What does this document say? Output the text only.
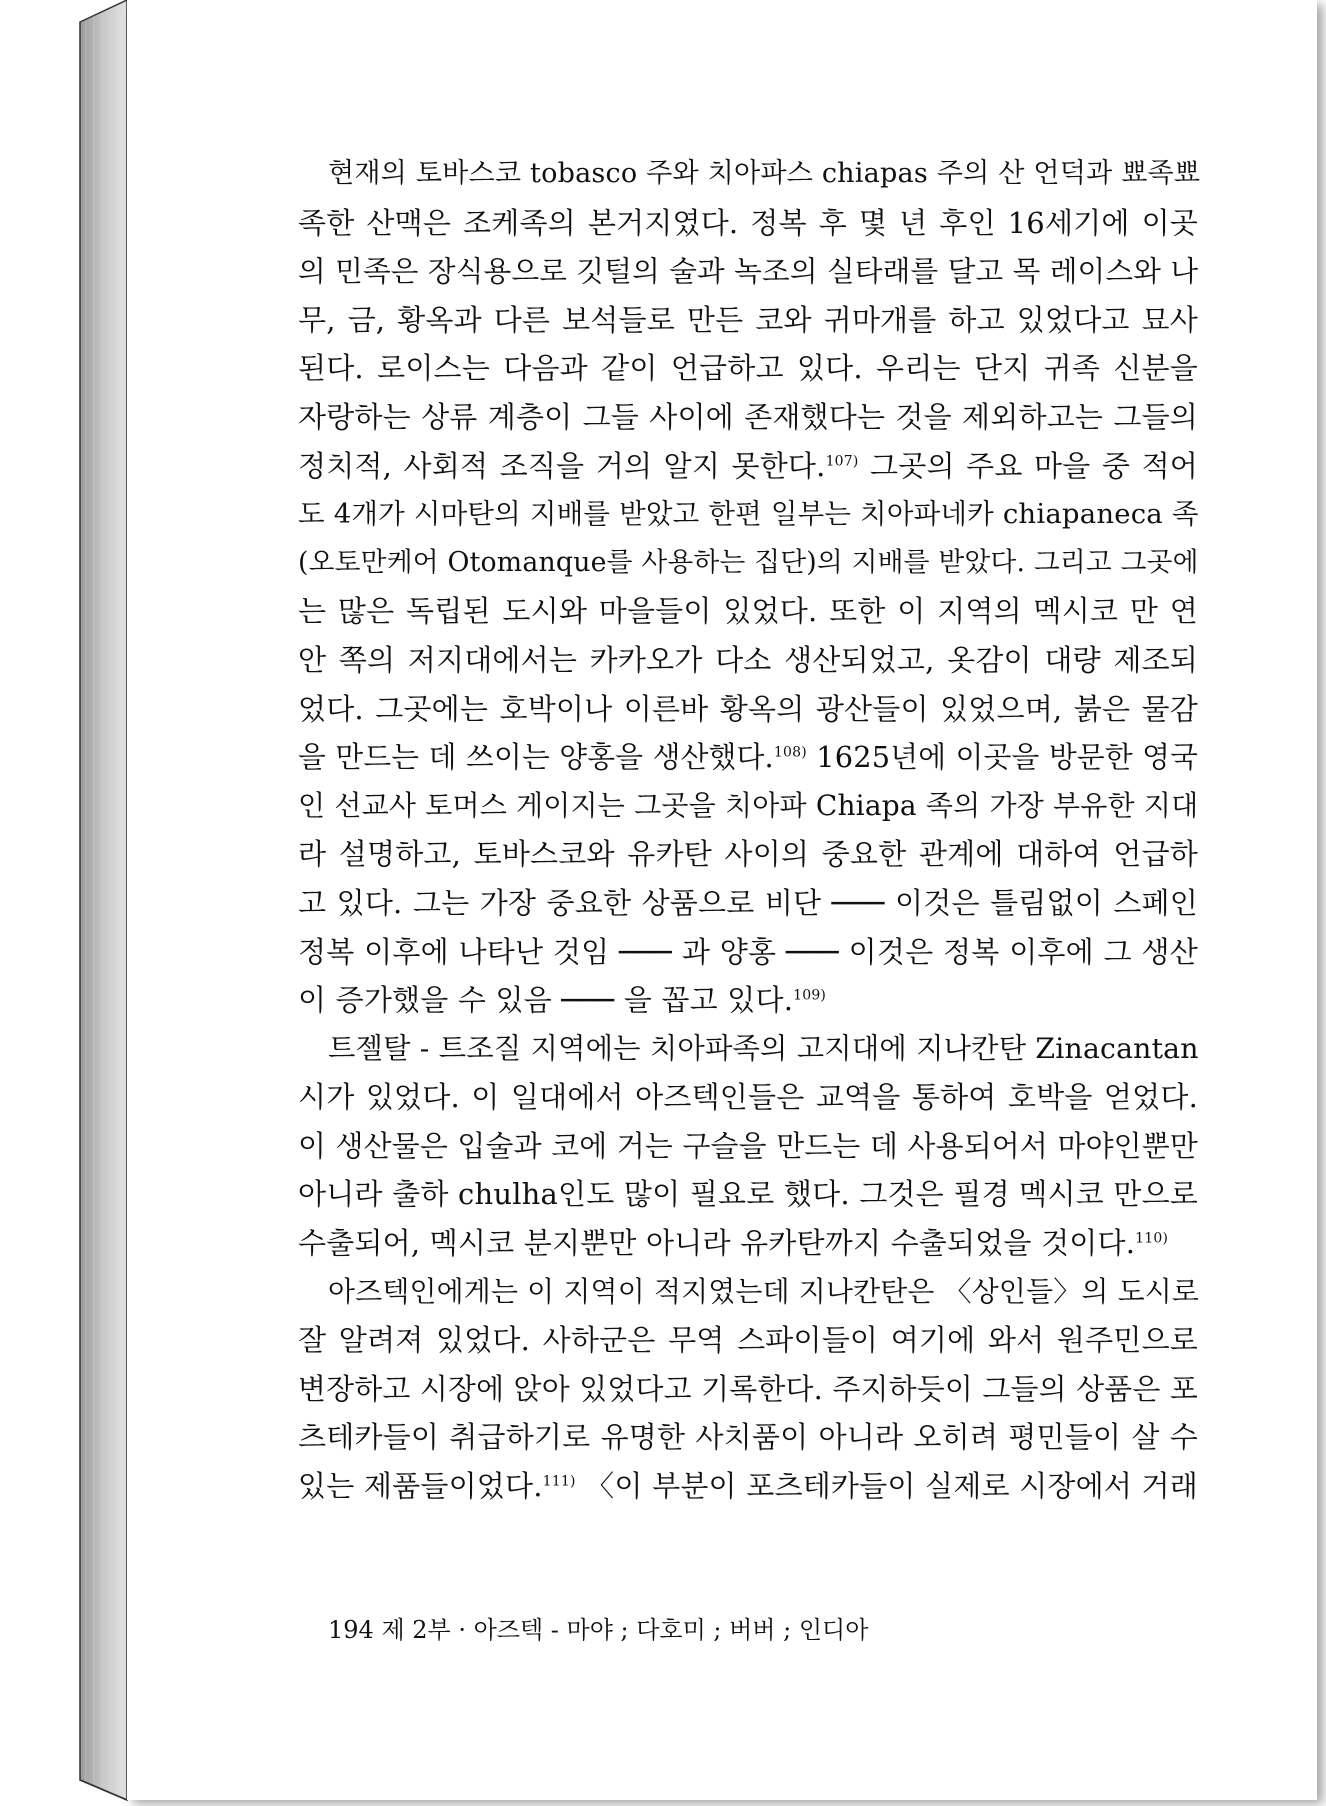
현재의 토바스코 tobasco 주와 치아파스 chiapas 주의 산 언덕과 뾰족뾰
족한 산맥은 조케족의 본거지였다. 정복 후 몇 년 후인 16세기에 이곳
의 민족은 장식용으로 깃털의 술과 녹조의 실타래를 달고 목 레이스와 나
무, 금, 황옥과 다른 보석들로 만든 코와 귀마개를 하고 있었다고 묘사
된다. 로이스는 다음과 같이 언급하고 있다. 우리는 단지 귀족 신분을
자랑하는 상류 계층이 그들 사이에 존재했다는 것을 제외하고는 그들의
정치적, 사회적 조직을 거의 알지 못한다.$^{107)}$ 그곳의 주요 마을 중 적어
도 4개가 시마탄의 지배를 받았고 한편 일부는 치아파네카 chiapaneca 족
(오토만케어 Otomanque를 사용하는 집단)의 지배를 받았다. 그리고 그곳에
는 많은 독립된 도시와 마을들이 있었다. 또한 이 지역의 멕시코 만 연
안 쪽의 저지대에서는 카카오가 다소 생산되었고, 옷감이 대량 제조되
었다. 그곳에는 호박이나 이른바 황옥의 광산들이 있었으며, 붉은 물감
을 만드는 데 쓰이는 양홍을 생산했다.$^{108)}$ 1625년에 이곳을 방문한 영국
인 선교사 토머스 게이지는 그곳을 치아파 Chiapa 족의 가장 부유한 지대
라 설명하고, 토바스코와 유카탄 사이의 중요한 관계에 대하여 언급하
고 있다. 그는 가장 중요한 상품으로 비단 ─── 이것은 틀림없이 스페인
정복 이후에 나타난 것임 ─── 과 양홍 ─── 이것은 정복 이후에 그 생산
이 증가했을 수 있음 ─── 을 꼽고 있다.$^{109)}$
트젤탈 - 트조질 지역에는 치아파족의 고지대에 지나칸탄 Zinacantan
시가 있었다. 이 일대에서 아즈텍인들은 교역을 통하여 호박을 얻었다.
이 생산물은 입술과 코에 거는 구슬을 만드는 데 사용되어서 마야인뿐만
아니라 출하 chulha인도 많이 필요로 했다. 그것은 필경 멕시코 만으로
수출되어, 멕시코 분지뿐만 아니라 유카탄까지 수출되었을 것이다.$^{110)}$
아즈텍인에게는 이 지역이 적지였는데 지나칸탄은 〈상인들〉의 도시로
잘 알려져 있었다. 사하군은 무역 스파이들이 여기에 와서 원주민으로
변장하고 시장에 앉아 있었다고 기록한다. 주지하듯이 그들의 상품은 포
츠테카들이 취급하기로 유명한 사치품이 아니라 오히려 평민들이 살 수
있는 제품들이었다.$^{111)}$ 〈이 부분이 포츠테카들이 실제로 시장에서 거래
194 제 2부 · 아즈텍 - 마야 ; 다호미 ; 버버 ; 인디아
